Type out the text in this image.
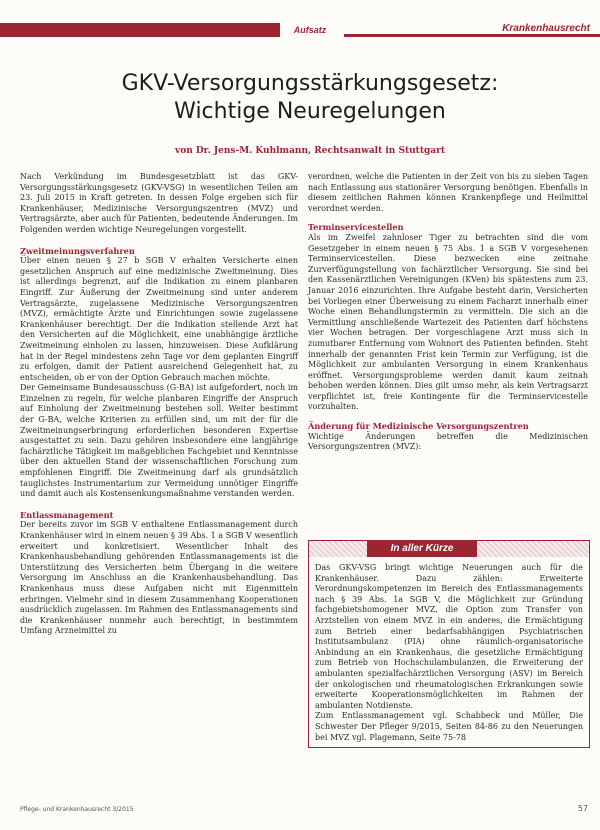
Aufsatz	Krankenhausrecht
GKV-Versorgungsstärkungsgesetz:
Wichtige Neuregelungen
von Dr. Jens-M. Kuhlmann, Rechtsanwalt in Stuttgart

Nach Verkündung im Bundesgesetzblatt ist das GKV-Versorgungsstärkungsgesetz (GKV-VSG) in wesentlichen Teilen am 23. Juli 2015 in Kraft getreten. In dessen Folge ergeben sich für Krankenhäuser, Medizinische Versorgungszentren (MVZ) und Vertragsärzte, aber auch für Patienten, bedeutende Änderungen. Im Folgenden werden wichtige Neuregelungen vorgestellt.

Zweitmeinungsverfahren

Über einen neuen § 27 b SGB V erhalten Versicherte einen gesetzlichen Anspruch auf eine medizinische Zweitmeinung. Dies ist allerdings begrenzt, auf die Indikation zu einem planbaren Eingriff. Zur Äußerung der Zweitmeinung sind unter anderem Vertragsärzte, zugelassene Medizinische Versorgungszentren (MVZ), ermächtigte Ärzte und Einrichtungen sowie zugelassene Krankenhäuser berechtigt. Der die Indikation stellende Arzt hat den Versicherten auf die Möglichkeit, eine unabhängige ärztliche Zweitmeinung einholen zu lassen, hinzuweisen. Diese Aufklärung hat in der Regel mindestens zehn Tage vor dem geplanten Eingriff zu erfolgen, damit der Patient ausreichend Gelegenheit hat, zu entscheiden, ob er von der Option Gebrauch machen möchte.

Der Gemeinsame Bundesausschuss (G-BA) ist aufgefordert, noch im Einzelnen zu regeln, für welche planbaren Eingriffe der Anspruch auf Einholung der Zweitmeinung bestehen soll. Weiter bestimmt der G-BA, welche Kriterien zu erfüllen sind, um mit der für die Zweitmeinungserbringung erforderlichen besonderen Expertise ausgestattet zu sein. Dazu gehören insbesondere eine langjährige fachärztliche Tätigkeit im maßgeblichen Fachgebiet und Kenntnisse über den aktuellen Stand der wissenschaftlichen Forschung zum empfohlenen Eingriff. Die Zweitmeinung darf als grundsätzlich tauglichstes Instrumentarium zur Vermeidung unnötiger Eingriffe und damit auch als Kostensenkungsmaßnahme verstanden werden.

Entlassmanagement

Der bereits zuvor im SGB V enthaltene Entlassmanagement durch Krankenhäuser wird in einem neuen § 39 Abs. 1 a SGB V wesentlich erweitert und konkretisiert. Wesentlicher Inhalt des Krankenhausbehandlung gehörenden Entlassmanagements ist die Unterstützung des Versicherten beim Übergang in die weitere Versorgung im Anschluss an die Krankenhausbehandlung. Das Krankenhaus muss diese Aufgaben nicht mit Eigenmitteln erbringen. Vielmehr sind in diesem Zusammenhang Kooperationen ausdrücklich zugelassen. Im Rahmen des Entlassmanagements sind die Krankenhäuser nunmehr auch berechtigt, in bestimmtem Umfang Arzneimittel zu

verordnen, welche die Patienten in der Zeit von bis zu sieben Tagen nach Entlassung aus stationärer Versorgung benötigen. Ebenfalls in diesem zeitlichen Rahmen können Krankenpflege und Heilmittel verordnet werden.

Terminservicestellen

Als im Zweifel zahnloser Tiger zu betrachten sind die vom Gesetzgeber in einem neuen § 75 Abs. 1 a SGB V vorgesehenen Terminservicestellen. Diese bezwecken eine zeitnahe Zurverfügungstellung von fachärztlicher Versorgung. Sie sind bei den Kassenärztlichen Vereinigungen (KVen) bis spätestens zum 23. Januar 2016 einzurichten. Ihre Aufgabe besteht darin, Versicherten bei Vorliegen einer Überweisung zu einem Facharzt innerhalb einer Woche einen Behandlungstermin zu vermitteln. Die sich an die Vermittlung anschließende Wartezeit des Patienten darf höchstens vier Wochen betragen. Der vorgeschlagene Arzt muss sich in zumutbarer Entfernung vom Wohnort des Patienten befinden. Steht innerhalb der genannten Frist kein Termin zur Verfügung, ist die Möglichkeit zur ambulanten Versorgung in einem Krankenhaus eröffnet. Versorgungsprobleme werden damit kaum zeitnah behoben werden können. Dies gilt umso mehr, als kein Vertragsarzt verpflichtet ist, freie Kontingente für die Terminservicestelle vorzuhalten.

Änderung für Medizinische Versorgungszentren

Wichtige Änderungen betreffen die Medizinischen Versorgungszentren (MVZ):

In aller Kürze

Das GKV-VSG bringt wichtige Neuerungen auch für die Krankenhäuser. Dazu zählen: Erweiterte Verordnungskompetenzen im Bereich des Entlassmanagements nach § 39 Abs. 1a SGB V, die Möglichkeit zur Gründung fachgebietshomogener MVZ, die Option zum Transfer von Arztstellen von einem MVZ in ein anderes, die Ermächtigung zum Betrieb einer bedarfsabhängigen Psychiatrischen Institutsambulanz (PIA) ohne räumlich-organisatorische Anbindung an ein Krankenhaus, die gesetzliche Ermächtigung zum Betrieb von Hochschulambulanzen, die Erweiterung der ambulanten spezialfachärztlichen Versorgung (ASV) im Bereich der onkologischen und rheumatologischen Erkrankungen sowie erweiterte Kooperationsmöglichkeiten im Rahmen der ambulanten Notdienste.

Zum Entlassmanagement vgl. Schabbeck und Müller, Die Schwester Der Pfleger 9/2015, Seiten 84-86 zu den Neuerungen bei MVZ vgl. Plagemann, Seite 75-78

Pflege- und Krankenhausrecht 3/2015	57
